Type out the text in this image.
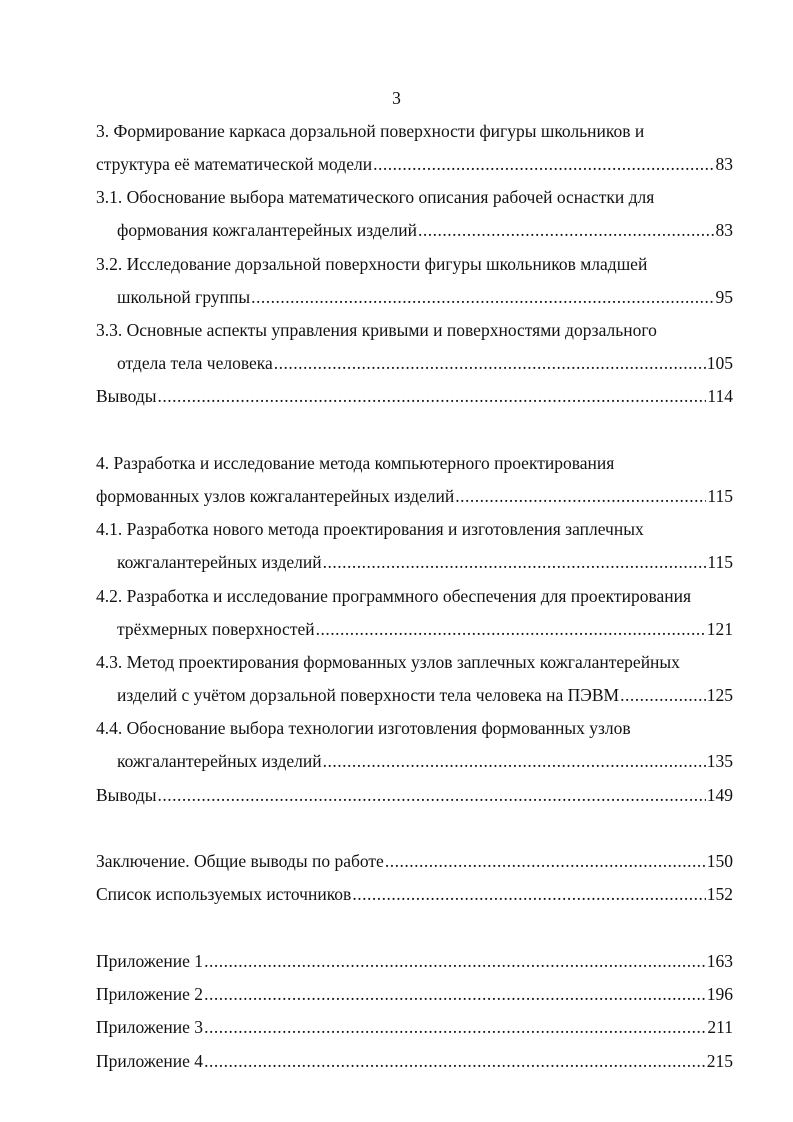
3
3. Формирование каркаса дорзальной поверхности фигуры школьников и
структура её математической модели .....	83
3.1. Обоснование выбора математического описания рабочей оснастки для
формования кожгалантерейных изделий .....	83
3.2. Исследование дорзальной поверхности фигуры школьников младшей
школьной группы .....	95
3.3. Основные аспекты управления кривыми и поверхностями дорзального
отдела тела человека .....	105
Выводы .....	114
4. Разработка и исследование метода компьютерного проектирования
формованных узлов кожгалантерейных изделий .....	115
4.1. Разработка нового метода проектирования и изготовления заплечных
кожгалантерейных изделий .....	115
4.2. Разработка и исследование программного обеспечения для проектирования
трёхмерных поверхностей .....	121
4.3. Метод проектирования формованных узлов заплечных кожгалантерейных
изделий с учётом дорзальной поверхности тела человека на ПЭВМ .....	125
4.4. Обоснование выбора технологии изготовления формованных узлов
кожгалантерейных изделий .....	135
Выводы .....	149
Заключение. Общие выводы по работе .....	150
Список используемых источников .....	152
Приложение 1 .....	163
Приложение 2 .....	196
Приложение 3 .....	211
Приложение 4 .....	215
